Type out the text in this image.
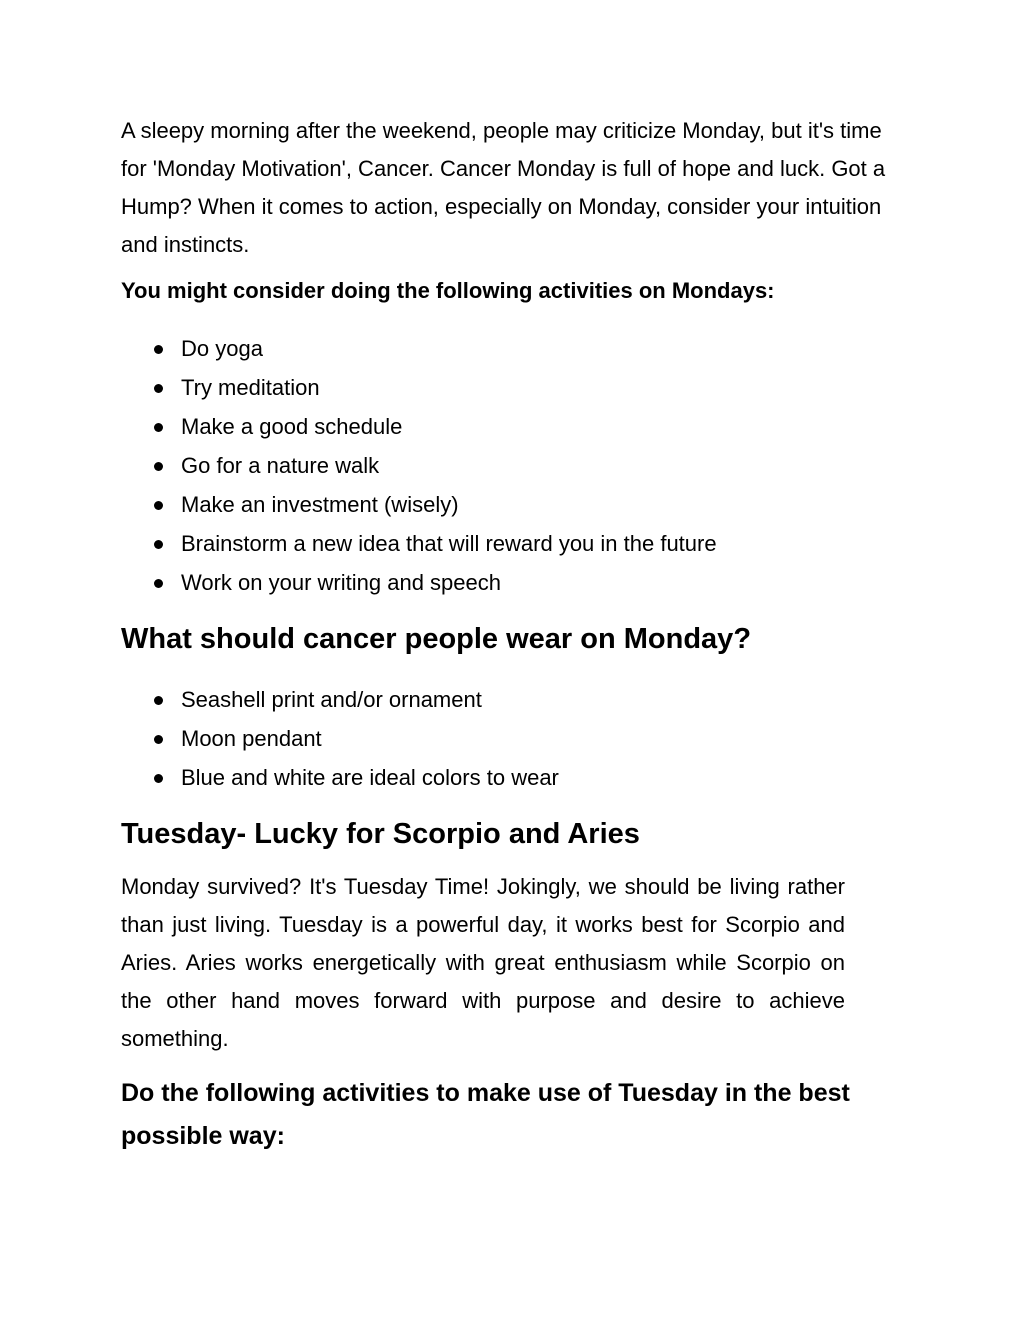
A sleepy morning after the weekend, people may criticize Monday, but it's time for 'Monday Motivation', Cancer. Cancer Monday is full of hope and luck. Got a Hump? When it comes to action, especially on Monday, consider your intuition and instincts.

You might consider doing the following activities on Mondays:

Do yoga
Try meditation
Make a good schedule
Go for a nature walk
Make an investment (wisely)
Brainstorm a new idea that will reward you in the future
Work on your writing and speech
What should cancer people wear on Monday?
Seashell print and/or ornament
Moon pendant
Blue and white are ideal colors to wear
Tuesday- Lucky for Scorpio and Aries

Monday survived? It's Tuesday Time! Jokingly, we should be living rather than just living. Tuesday is a powerful day, it works best for Scorpio and Aries. Aries works energetically with great enthusiasm while Scorpio on the other hand moves forward with purpose and desire to achieve something.

Do the following activities to make use of Tuesday in the best possible way:
